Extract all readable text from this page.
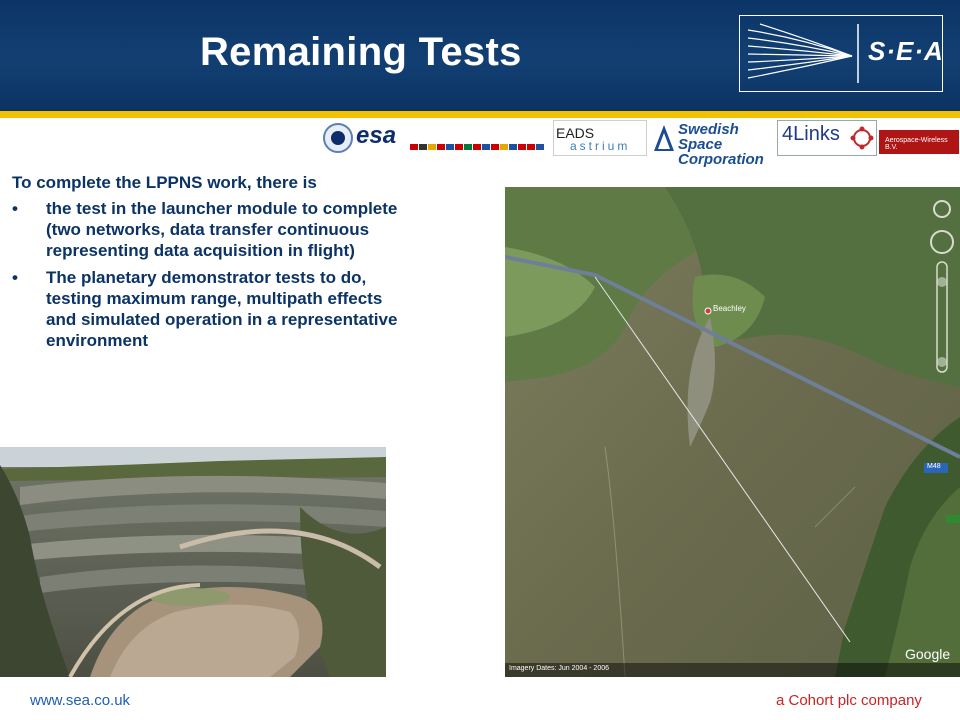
Remaining Tests	S·E·A
esa	EADS
astrium
Swedish Space Corporation
4Links	Aerospace-Wireless B.V.

To complete the LPPNS work, there is

• the test in the launcher module to complete (two networks, data transfer continuous representing data acquisition in flight)
• The planetary demonstrator tests to do, testing maximum range, multipath effects and simulated operation in a representative environment
Beachley
M48
Google
Imagery Dates: Jun 2004 - 2006
www.sea.co.uk	a Cohort plc company
